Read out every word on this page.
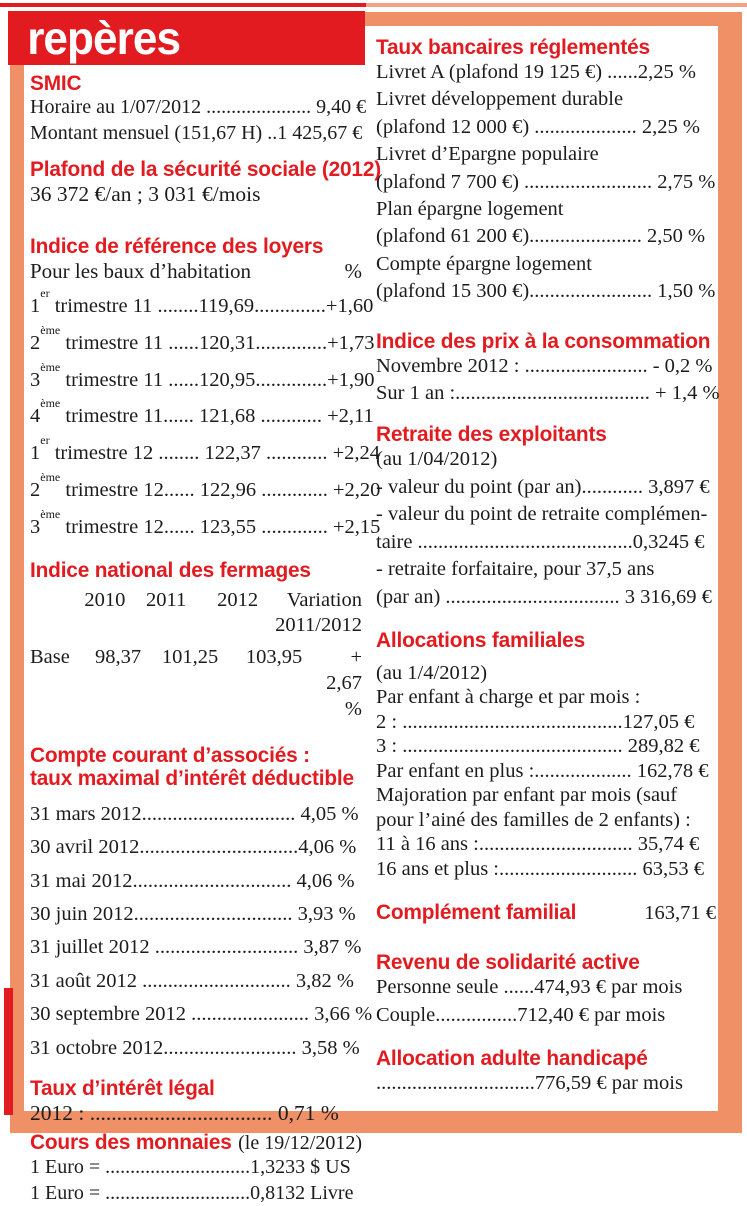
repères
SMIC
Horaire au 1/07/2012 ..................... 9,40 €
Montant mensuel (151,67 H) ..1 425,67 €
Plafond de la sécurité sociale (2012)
36 372 €/an ; 3 031 €/mois
Indice de référence des loyers
Pour les baux d’habitation	%
1er trimestre 11 ........119,69..............+1,60
2ème trimestre 11 ......120,31..............+1,73
3ème trimestre 11 ......120,95..............+1,90
4ème trimestre 11...... 121,68 ............ +2,11
1er trimestre 12 ........ 122,37 ............ +2,24
2ème trimestre 12...... 122,96 ............. +2,20
3ème trimestre 12...... 123,55 ............. +2,15
Indice national des fermages
2010	2011	2012	Variation
2011/2012
Base	98,37	101,25	103,95	+ 2,67 %
Compte courant d’associés :
taux maximal d’intérêt déductible
31 mars 2012.............................. 4,05 %
30 avril 2012...............................4,06 %
31 mai 2012............................... 4,06 %
30 juin 2012............................... 3,93 %
31 juillet 2012 ............................ 3,87 %
31 août 2012 ............................. 3,82 %
30 septembre 2012 ....................... 3,66 %
31 octobre 2012.......................... 3,58 %
Taux d’intérêt légal
2012 : .................................. 0,71 %
Cours des monnaies (le 19/12/2012)
1 Euro = .............................1,3233 $ US
1 Euro = .............................0,8132 Livre
Taux bancaires réglementés
Livret A (plafond 19 125 €) ......2,25 %
Livret développement durable
(plafond 12 000 €) .................... 2,25 %
Livret d’Epargne populaire
(plafond 7 700 €) ......................... 2,75 %
Plan épargne logement
(plafond 61 200 €)...................... 2,50 %
Compte épargne logement
(plafond 15 300 €)........................ 1,50 %
Indice des prix à la consommation
Novembre 2012 : ........................ - 0,2 %
Sur 1 an :...................................... + 1,4 %
Retraite des exploitants
(au 1/04/2012)
- valeur du point (par an)............ 3,897 €
- valeur du point de retraite complémen-
taire ..........................................0,3245 €
- retraite forfaitaire, pour 37,5 ans
(par an) .................................. 3 316,69 €
Allocations familiales
(au 1/4/2012)
Par enfant à charge et par mois :
2 : ...........................................127,05 €
3 : ........................................... 289,82 €
Par enfant en plus :................... 162,78 €
Majoration par enfant par mois (sauf
pour l’ainé des familles de 2 enfants) :
11 à 16 ans :.............................. 35,74 €
16 ans et plus :........................... 63,53 €
Complément familial	163,71 €
Revenu de solidarité active
Personne seule ......474,93 € par mois
Couple................712,40 € par mois
Allocation adulte handicapé
...............................776,59 € par mois
